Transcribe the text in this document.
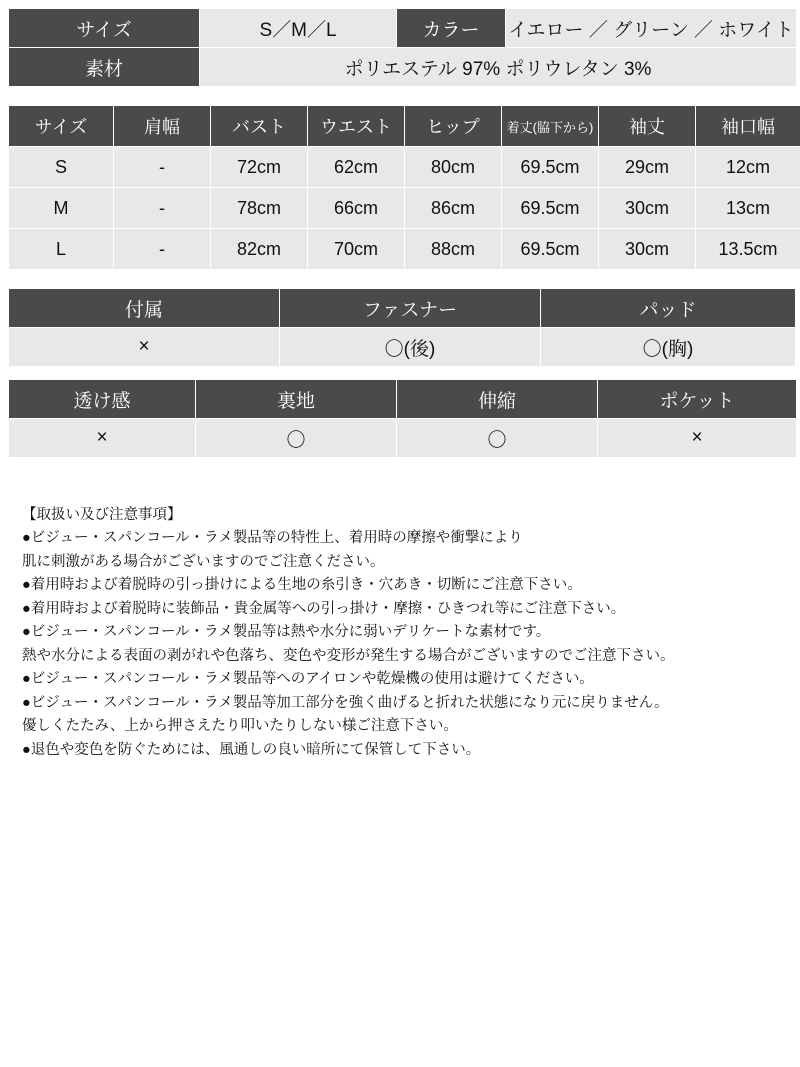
サイズ	S／M／L	カラー	イエロー ／ グリーン ／ ホワイト
素材	ポリエステル 97% ポリウレタン 3%		
サイズ	肩幅	バスト	ウエスト	ヒップ	着丈(脇下から)	袖丈	袖口幅
S	-	72cm	62cm	80cm	69.5cm	29cm	12cm
M	-	78cm	66cm	86cm	69.5cm	30cm	13cm
L	-	82cm	70cm	88cm	69.5cm	30cm	13.5cm
付属	ファスナー	パッド
×	〇(後)	〇(胸)
透け感	裏地	伸縮	ポケット
×	〇	〇	×
【取扱い及び注意事項】
●ビジュー・スパンコール・ラメ製品等の特性上、着用時の摩擦や衝撃により
肌に刺激がある場合がございますのでご注意ください。
●着用時および着脱時の引っ掛けによる生地の糸引き・穴あき・切断にご注意下さい。
●着用時および着脱時に装飾品・貴金属等への引っ掛け・摩擦・ひきつれ等にご注意下さい。
●ビジュー・スパンコール・ラメ製品等は熱や水分に弱いデリケートな素材です。
熱や水分による表面の剥がれや色落ち、変色や変形が発生する場合がございますのでご注意下さい。
●ビジュー・スパンコール・ラメ製品等へのアイロンや乾燥機の使用は避けてください。
●ビジュー・スパンコール・ラメ製品等加工部分を強く曲げると折れた状態になり元に戻りません。
優しくたたみ、上から押さえたり叩いたりしない様ご注意下さい。
●退色や変色を防ぐためには、風通しの良い暗所にて保管して下さい。
